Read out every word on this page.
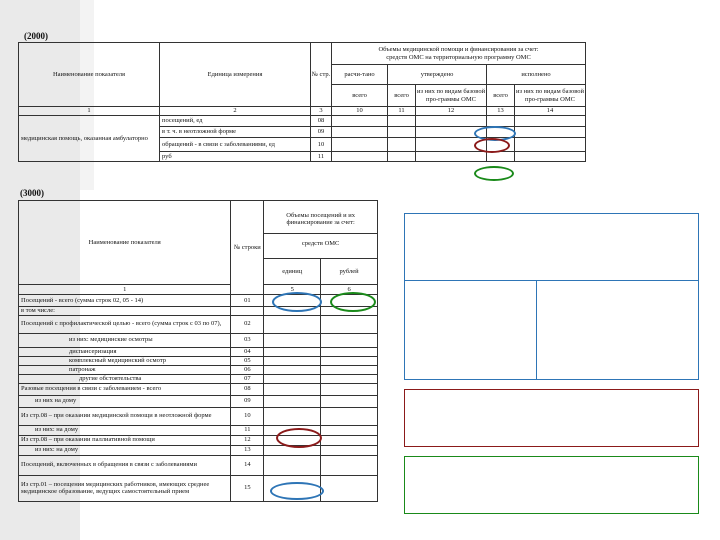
(2000)
Наименование показателя	Единица измерения	№ стр.	Объемы медицинской помощи и финансирования за счет:
средств ОМС на территориальную программу ОМС				

			расчи-тано	утверждено		исполнено	
			всего	всего	из них по видам базовой про-граммы ОМС	всего	из них по видам базовой про-граммы ОМС
1	2	3	10	11	12	13	14
медицинская помощь, оказанная амбулаторно	посещений, ед	08					
	в т. ч. в неотложной форме	09					
	обращений - в связи с заболеваниями, ед	10					
	руб	11					
(3000)
Наименование показателя	№ строки	Объемы посещений и их финансирование за счет:
средств ОМС	

		единиц	рублей
1		5	6
Посещений - всего (сумма строк 02, 05 - 14)	01		
в том числе:			
Посещений с профилактической целью - всего (сумма строк с 03 по 07),	02		
из них: медицинские осмотры	03		
диспансеризация	04		
комплексный медицинский осмотр	05		
патронаж	06		
другие обстоятельства	07		
Разовые посещения в связи с заболеванием - всего	08		
из них на дому	09		
Из стр.08 – при оказании медицинской помощи в неотложной форме	10		
из них: на дому	11		
Из стр.08 – при оказании паллиативной помощи	12		
из них: на дому	13		
Посещений, включенных в обращения в связи с заболеваниями	14		
Из стр.01 – посещения медицинских работников, имеющих среднее медицинское образование, ведущих самостоятельный прием	15		
